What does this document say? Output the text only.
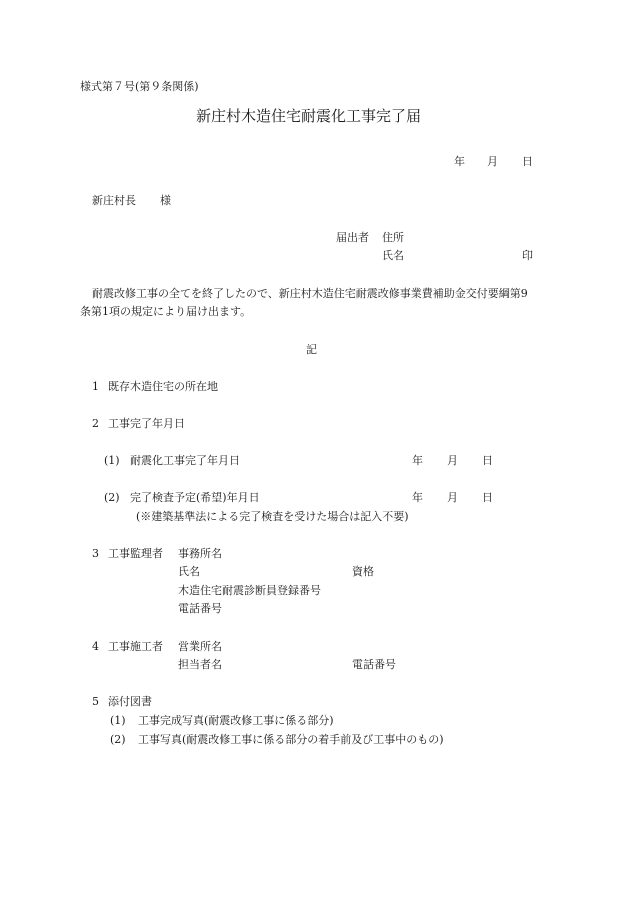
様式第７号(第９条関係)
新庄村木造住宅耐震化工事完了届
年 月 日
新庄村長 様
届出者 住所
氏名	印
耐震改修工事の全てを終了したので、新庄村木造住宅耐震改修事業費補助金交付要綱第9
条第1項の規定により届け出ます。
記
1 既存木造住宅の所在地
2 工事完了年月日
(1) 耐震化工事完了年月日	年 月 日
(2) 完了検査予定(希望)年月日	年 月 日
(※建築基準法による完了検査を受けた場合は記入不要)
3 工事監理者 事務所名
氏名	資格
木造住宅耐震診断員登録番号
電話番号
4 工事施工者 営業所名
担当者名	電話番号
5 添付図書
(1) 工事完成写真(耐震改修工事に係る部分)
(2) 工事写真(耐震改修工事に係る部分の着手前及び工事中のもの)
